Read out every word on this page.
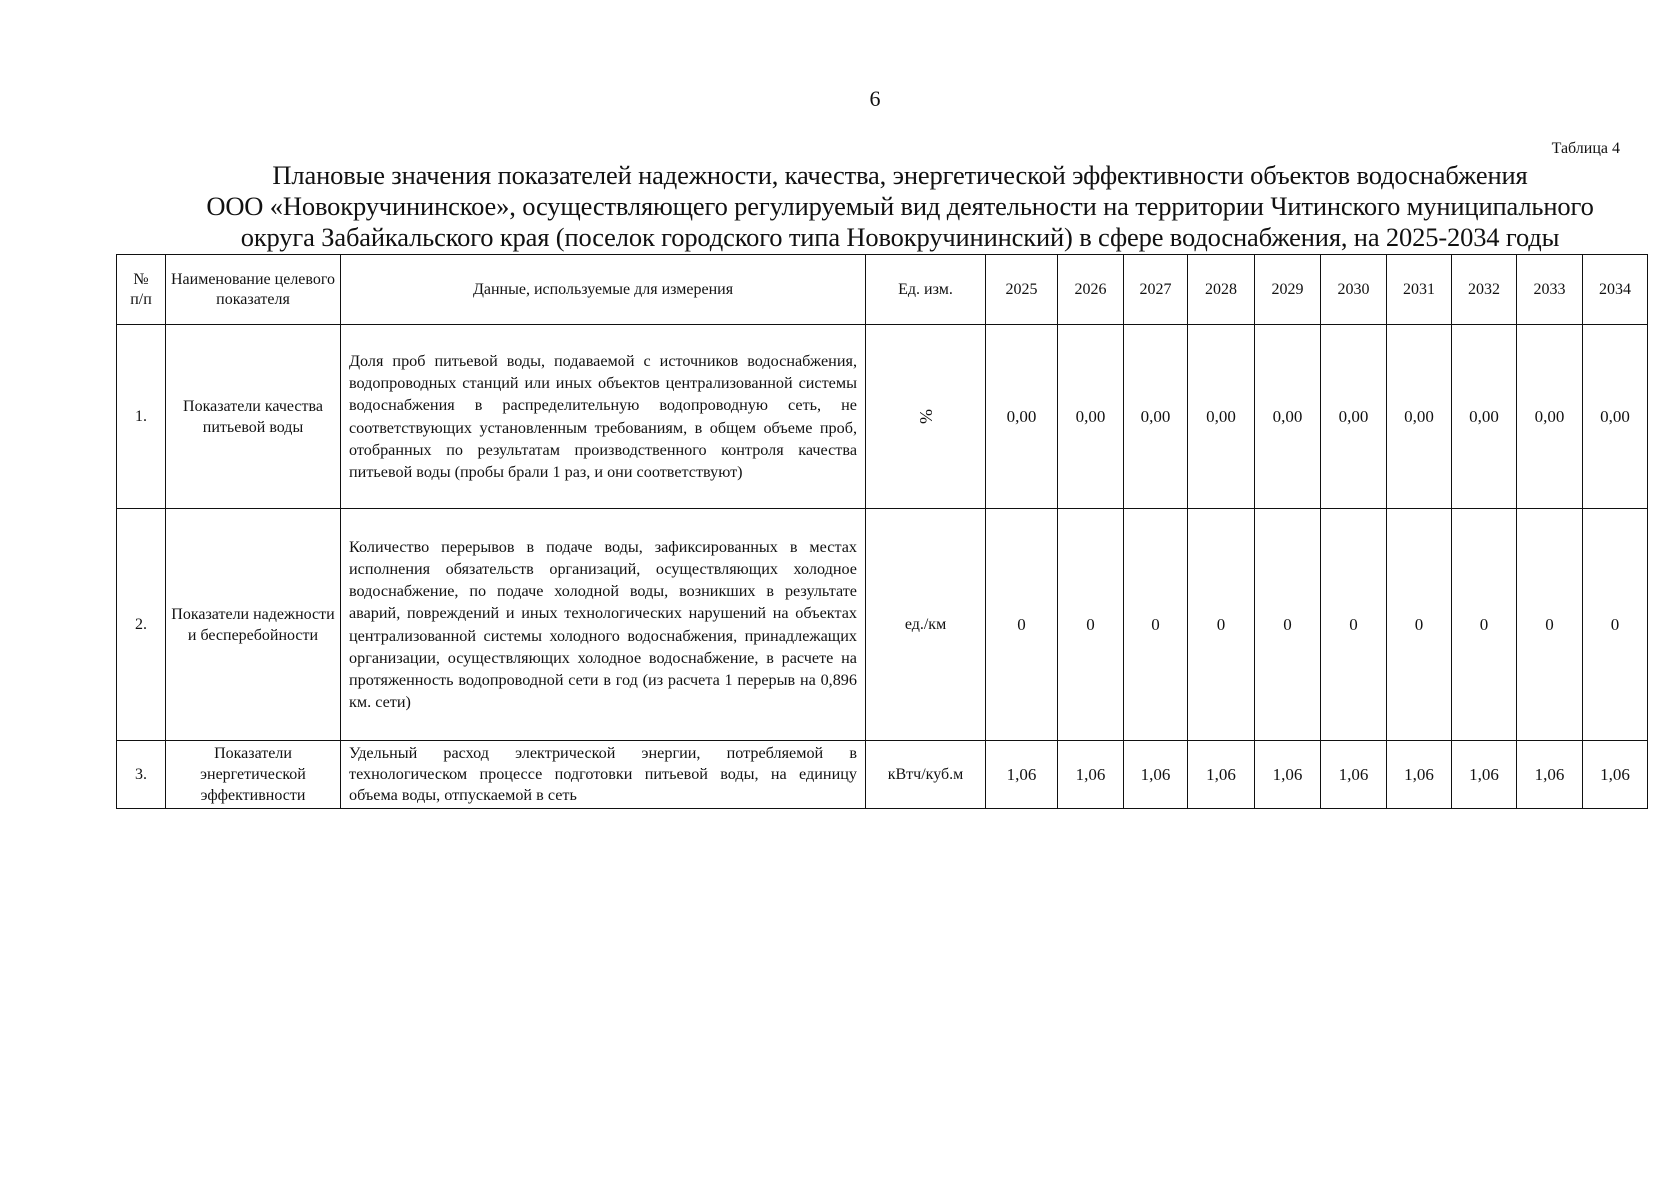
6
Таблица 4
Плановые значения показателей надежности, качества, энергетической эффективности объектов водоснабжения
ООО «Новокручининское», осуществляющего регулируемый вид деятельности на территории Читинского муниципального
округа Забайкальского края (поселок городского типа Новокручининский) в сфере водоснабжения, на 2025-2034 годы
№ п/п	Наименование целевого показателя	Данные, используемые для измерения	Ед. изм.	2025	2026	2027	2028	2029	2030	2031	2032	2033	2034
1.	Показатели качества питьевой воды	Доля проб питьевой воды, подаваемой с источников водоснабжения, водопроводных станций или иных объектов централизованной системы водоснабжения в распределительную водопроводную сеть, не соответствующих установленным требованиям, в общем объеме проб, отобранных по результатам производственного контроля качества питьевой воды (пробы брали 1 раз, и они соответствуют)	%	0,00	0,00	0,00	0,00	0,00	0,00	0,00	0,00	0,00	0,00
2.	Показатели надежности и бесперебойности	Количество перерывов в подаче воды, зафиксированных в местах исполнения обязательств организаций, осуществляющих холодное водоснабжение, по подаче холодной воды, возникших в результате аварий, повреждений и иных технологических нарушений на объектах централизованной системы холодного водоснабжения, принадлежащих организации, осуществляющих холодное водоснабжение, в расчете на протяженность водопроводной сети в год (из расчета 1 перерыв на 0,896 км. сети)	ед./км	0	0	0	0	0	0	0	0	0	0
3.	Показатели энергетической эффективности	Удельный расход электрической энергии, потребляемой в технологическом процессе подготовки питьевой воды, на единицу объема воды, отпускаемой в сеть	кВтч/куб.м	1,06	1,06	1,06	1,06	1,06	1,06	1,06	1,06	1,06	1,06
